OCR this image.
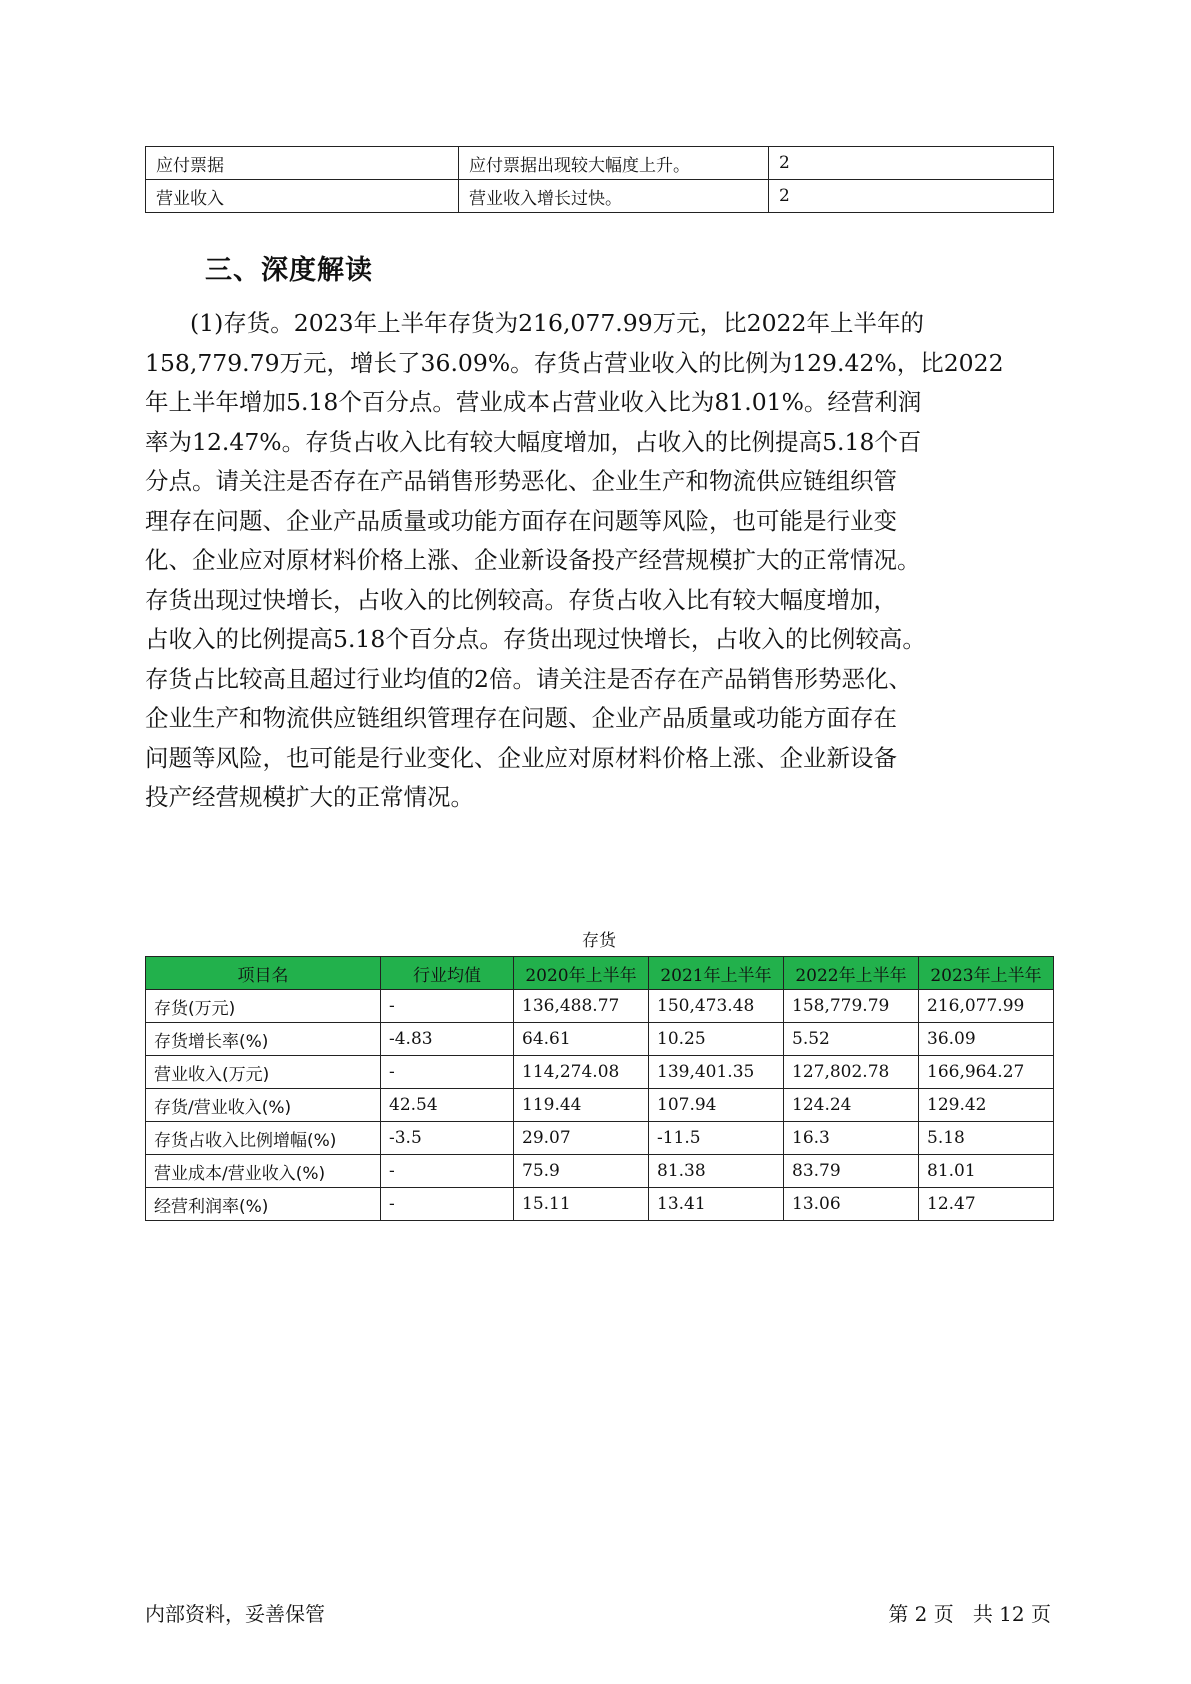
应付票据	应付票据出现较大幅度上升。	2
营业收入	营业收入增长过快。	2
三、深度解读
(1)存货。2023年上半年存货为216,077.99万元，比2022年上半年的
158,779.79万元，增长了36.09%。存货占营业收入的比例为129.42%，比2022
年上半年增加5.18个百分点。营业成本占营业收入比为81.01%。经营利润
率为12.47%。存货占收入比有较大幅度增加，占收入的比例提高5.18个百
分点。请关注是否存在产品销售形势恶化、企业生产和物流供应链组织管
理存在问题、企业产品质量或功能方面存在问题等风险，也可能是行业变
化、企业应对原材料价格上涨、企业新设备投产经营规模扩大的正常情况。
存货出现过快增长，占收入的比例较高。存货占收入比有较大幅度增加，
占收入的比例提高5.18个百分点。存货出现过快增长，占收入的比例较高。
存货占比较高且超过行业均值的2倍。请关注是否存在产品销售形势恶化、
企业生产和物流供应链组织管理存在问题、企业产品质量或功能方面存在
问题等风险，也可能是行业变化、企业应对原材料价格上涨、企业新设备
投产经营规模扩大的正常情况。

存货

项目名	行业均值	2020年上半年	2021年上半年	2022年上半年	2023年上半年
存货(万元)	-	136,488.77	150,473.48	158,779.79	216,077.99
存货增长率(%)	-4.83	64.61	10.25	5.52	36.09
营业收入(万元)	-	114,274.08	139,401.35	127,802.78	166,964.27
存货/营业收入(%)	42.54	119.44	107.94	124.24	129.42
存货占收入比例增幅(%)	-3.5	29.07	-11.5	16.3	5.18
营业成本/营业收入(%)	-	75.9	81.38	83.79	81.01
经营利润率(%)	-	15.11	13.41	13.06	12.47
内部资料，妥善保管	第 2 页   共 12 页
